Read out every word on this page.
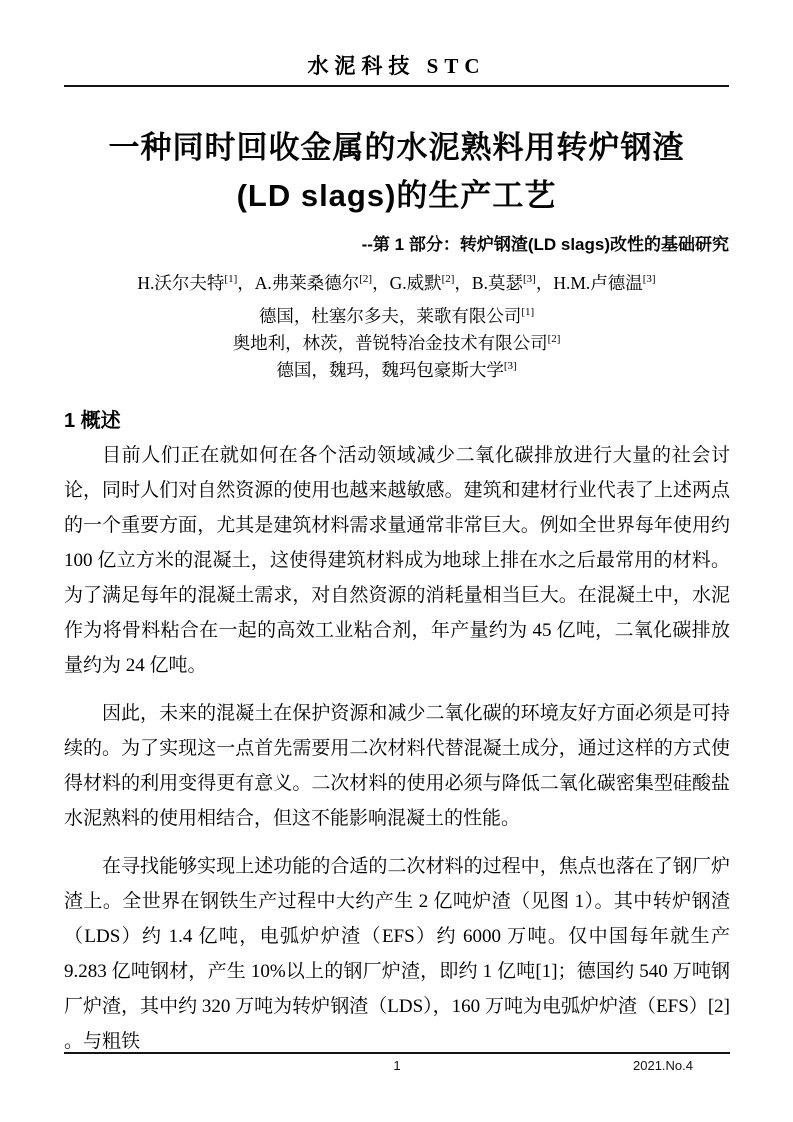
水泥科技 STC
一种同时回收金属的水泥熟料用转炉钢渣
(LD slags)的生产工艺
--第 1 部分：转炉钢渣(LD slags)改性的基础研究
H.沃尔夫特[1]，A.弗莱桑德尔[2]，G.威默[2]，B.莫瑟[3]，H.M.卢德温[3]
德国，杜塞尔多夫，莱歌有限公司[1]
奥地利，林茨，普锐特冶金技术有限公司[2]
德国，魏玛，魏玛包豪斯大学[3]
1 概述

目前人们正在就如何在各个活动领域减少二氧化碳排放进行大量的社会讨论，同时人们对自然资源的使用也越来越敏感。建筑和建材行业代表了上述两点的一个重要方面，尤其是建筑材料需求量通常非常巨大。例如全世界每年使用约 100 亿立方米的混凝土，这使得建筑材料成为地球上排在水之后最常用的材料。为了满足每年的混凝土需求，对自然资源的消耗量相当巨大。在混凝土中，水泥作为将骨料粘合在一起的高效工业粘合剂，年产量约为 45 亿吨，二氧化碳排放量约为 24 亿吨。

因此，未来的混凝土在保护资源和减少二氧化碳的环境友好方面必须是可持续的。为了实现这一点首先需要用二次材料代替混凝土成分，通过这样的方式使得材料的利用变得更有意义。二次材料的使用必须与降低二氧化碳密集型硅酸盐水泥熟料的使用相结合，但这不能影响混凝土的性能。

在寻找能够实现上述功能的合适的二次材料的过程中，焦点也落在了钢厂炉渣上。全世界在钢铁生产过程中大约产生 2 亿吨炉渣（见图 1）。其中转炉钢渣（LDS）约 1.4 亿吨，电弧炉炉渣（EFS）约 6000 万吨。仅中国每年就生产 9.283 亿吨钢材，产生 10%以上的钢厂炉渣，即约 1 亿吨[1]；德国约 540 万吨钢厂炉渣，其中约 320 万吨为转炉钢渣（LDS），160 万吨为电弧炉炉渣（EFS）[2] 。与粗铁

1	2021.No.4
